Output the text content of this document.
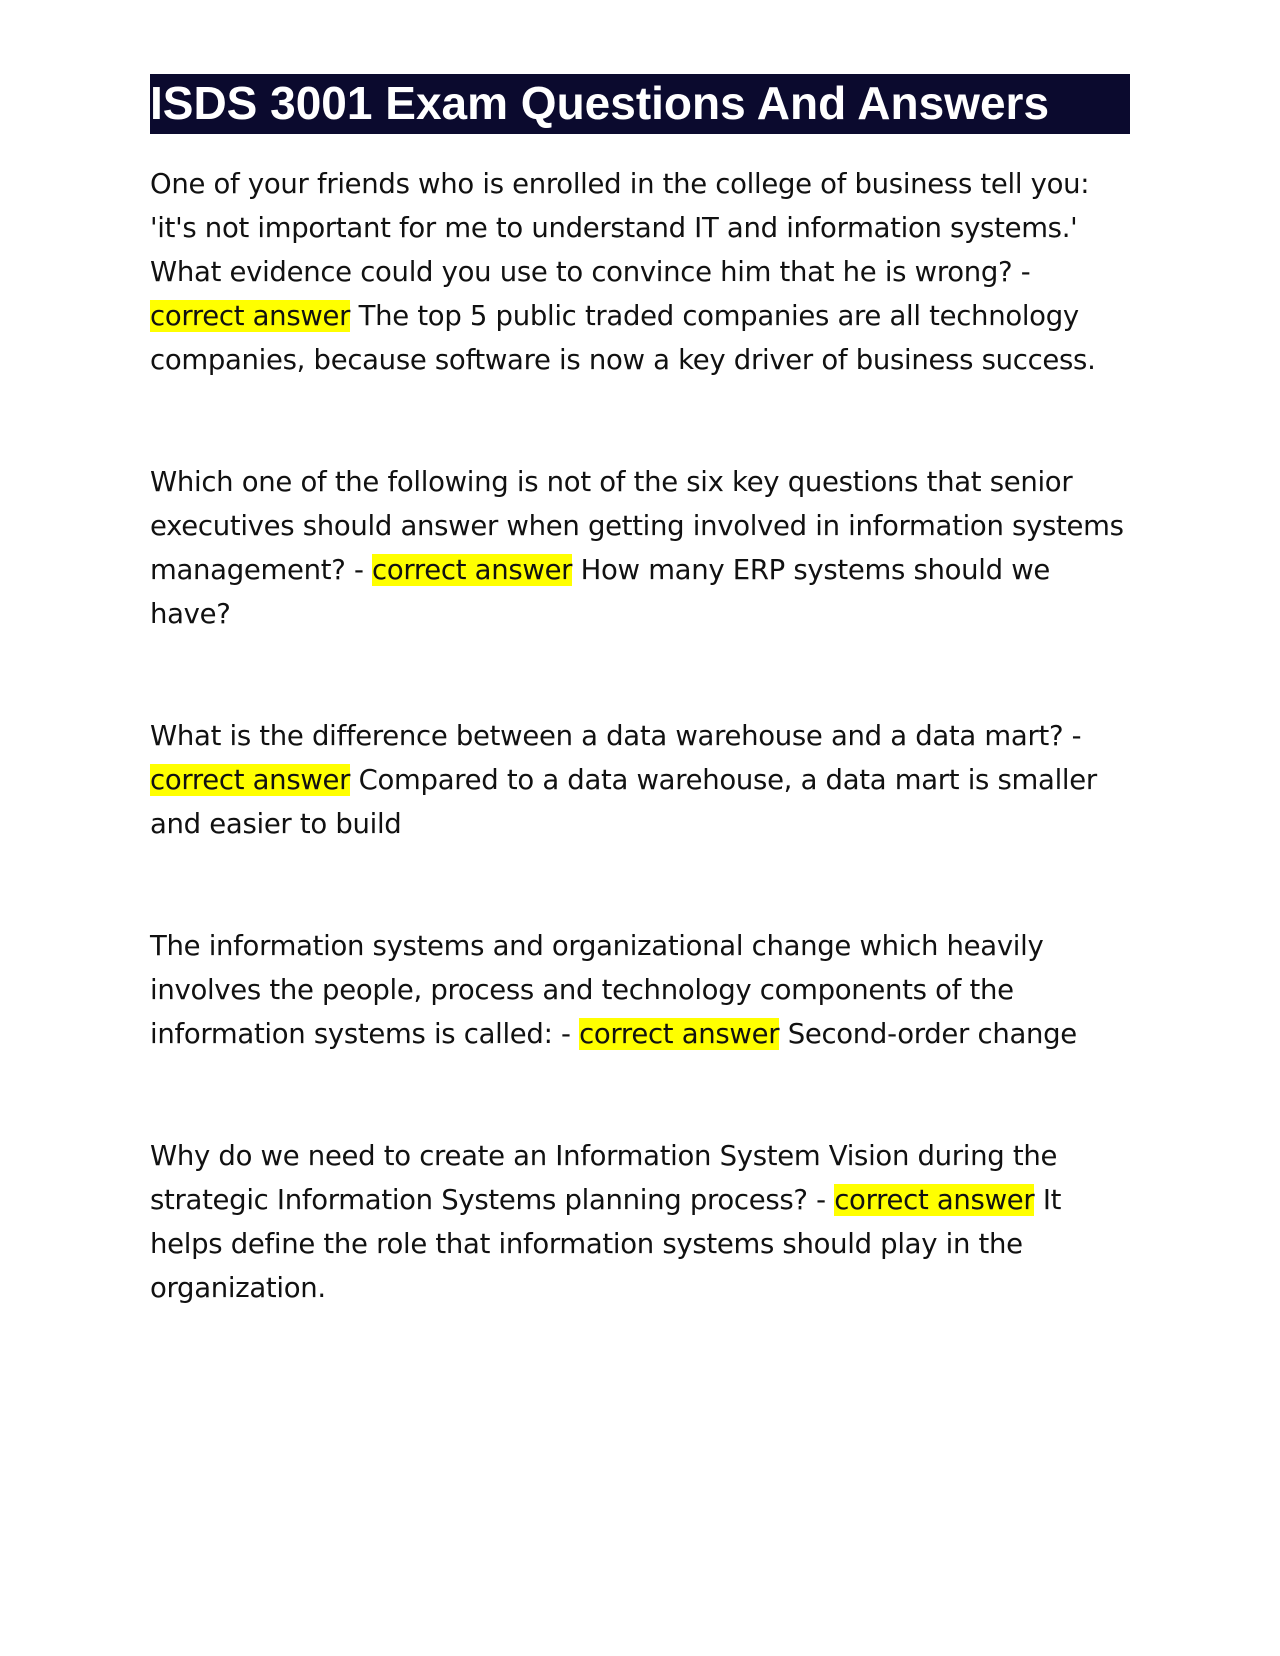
ISDS 3001 Exam Questions And Answers

One of your friends who is enrolled in the college of business tell you: 'it's not important for me to understand IT and information systems.' What evidence could you use to convince him that he is wrong? - correct answer The top 5 public traded companies are all technology companies, because software is now a key driver of business success.

Which one of the following is not of the six key questions that senior executives should answer when getting involved in information systems management? - correct answer How many ERP systems should we have?

What is the difference between a data warehouse and a data mart? - correct answer Compared to a data warehouse, a data mart is smaller and easier to build

The information systems and organizational change which heavily involves the people, process and technology components of the information systems is called: - correct answer Second-order change

Why do we need to create an Information System Vision during the strategic Information Systems planning process? - correct answer It helps define the role that information systems should play in the organization.
